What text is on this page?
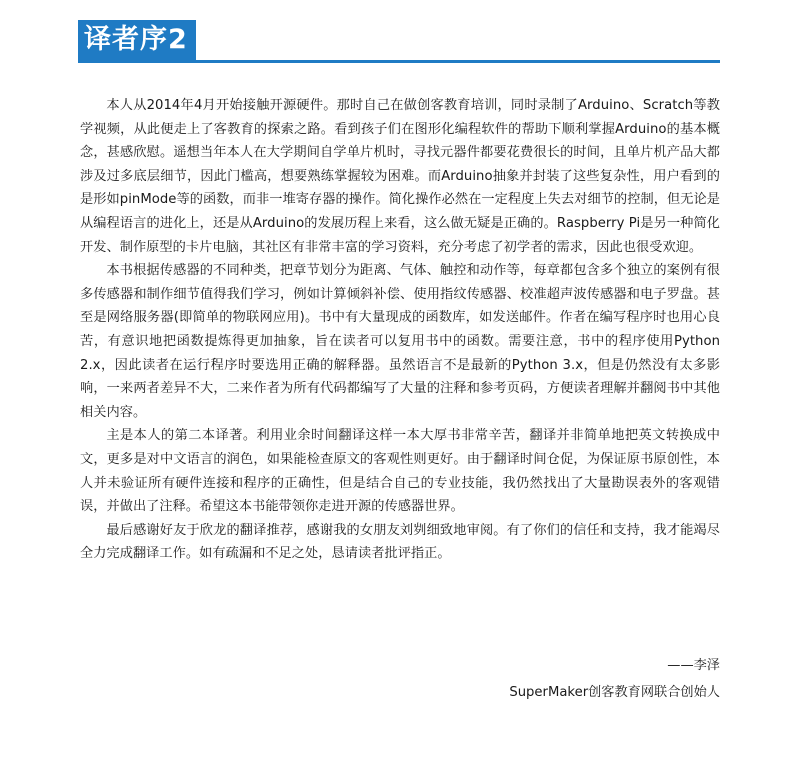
译者序2

本人从2014年4月开始接触开源硬件。那时自己在做创客教育培训，同时录制了Arduino、Scratch等教学视频，从此便走上了客教育的探索之路。看到孩子们在图形化编程软件的帮助下顺利掌握Arduino的基本概念，甚感欣慰。遥想当年本人在大学期间自学单片机时，寻找元器件都要花费很长的时间，且单片机产品大都涉及过多底层细节，因此门槛高，想要熟练掌握较为困难。而Arduino抽象并封装了这些复杂性，用户看到的是形如pinMode等的函数，而非一堆寄存器的操作。简化操作必然在一定程度上失去对细节的控制，但无论是从编程语言的进化上，还是从Arduino的发展历程上来看，这么做无疑是正确的。Raspberry Pi是另一种简化开发、制作原型的卡片电脑，其社区有非常丰富的学习资料，充分考虑了初学者的需求，因此也很受欢迎。

本书根据传感器的不同种类，把章节划分为距离、气体、触控和动作等，每章都包含多个独立的案例有很多传感器和制作细节值得我们学习，例如计算倾斜补偿、使用指纹传感器、校准超声波传感器和电子罗盘。甚至是网络服务器(即简单的物联网应用)。书中有大量现成的函数库，如发送邮件。作者在编写程序时也用心良苦，有意识地把函数提炼得更加抽象，旨在读者可以复用书中的函数。需要注意，书中的程序使用Python 2.x，因此读者在运行程序时要选用正确的解释器。虽然语言不是最新的Python 3.x，但是仍然没有太多影响，一来两者差异不大，二来作者为所有代码都编写了大量的注释和参考页码，方便读者理解并翻阅书中其他相关内容。

主是本人的第二本译著。利用业余时间翻译这样一本大厚书非常辛苦，翻译并非简单地把英文转换成中文，更多是对中文语言的润色，如果能检查原文的客观性则更好。由于翻译时间仓促，为保证原书原创性，本人并未验证所有硬件连接和程序的正确性，但是结合自己的专业技能，我仍然找出了大量勘误表外的客观错误，并做出了注释。希望这本书能带领你走进开源的传感器世界。

最后感谢好友于欣龙的翻译推荐，感谢我的女朋友刘刿细致地审阅。有了你们的信任和支持，我才能竭尽全力完成翻译工作。如有疏漏和不足之处，恳请读者批评指正。

——李泽
SuperMaker创客教育网联合创始人
